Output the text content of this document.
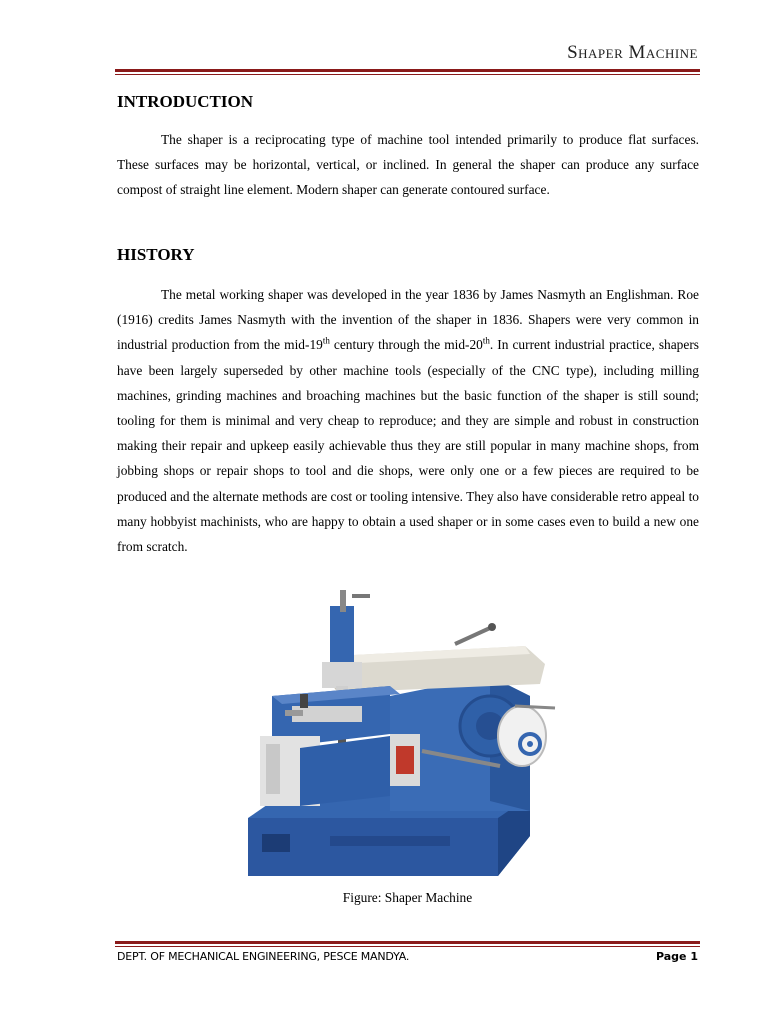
Shaper Machine
INTRODUCTION

The shaper is a reciprocating type of machine tool intended primarily to produce flat surfaces. These surfaces may be horizontal, vertical, or inclined. In general the shaper can produce any surface compost of straight line element. Modern shaper can generate contoured surface.

HISTORY

The metal working shaper was developed in the year 1836 by James Nasmyth an Englishman. Roe (1916) credits James Nasmyth with the invention of the shaper in 1836. Shapers were very common in industrial production from the mid-19th century through the mid-20th. In current industrial practice, shapers have been largely superseded by other machine tools (especially of the CNC type), including milling machines, grinding machines and broaching machines but the basic function of the shaper is still sound; tooling for them is minimal and very cheap to reproduce; and they are simple and robust in construction making their repair and upkeep easily achievable thus they are still popular in many machine shops, from jobbing shops or repair shops to tool and die shops, were only one or a few pieces are required to be produced and the alternate methods are cost or tooling intensive. They also have considerable retro appeal to many hobbyist machinists, who are happy to obtain a used shaper or in some cases even to build a new one from scratch.

Figure: Shaper Machine
DEPT. OF MECHANICAL ENGINEERING, PESCE MANDYA.	Page 1
